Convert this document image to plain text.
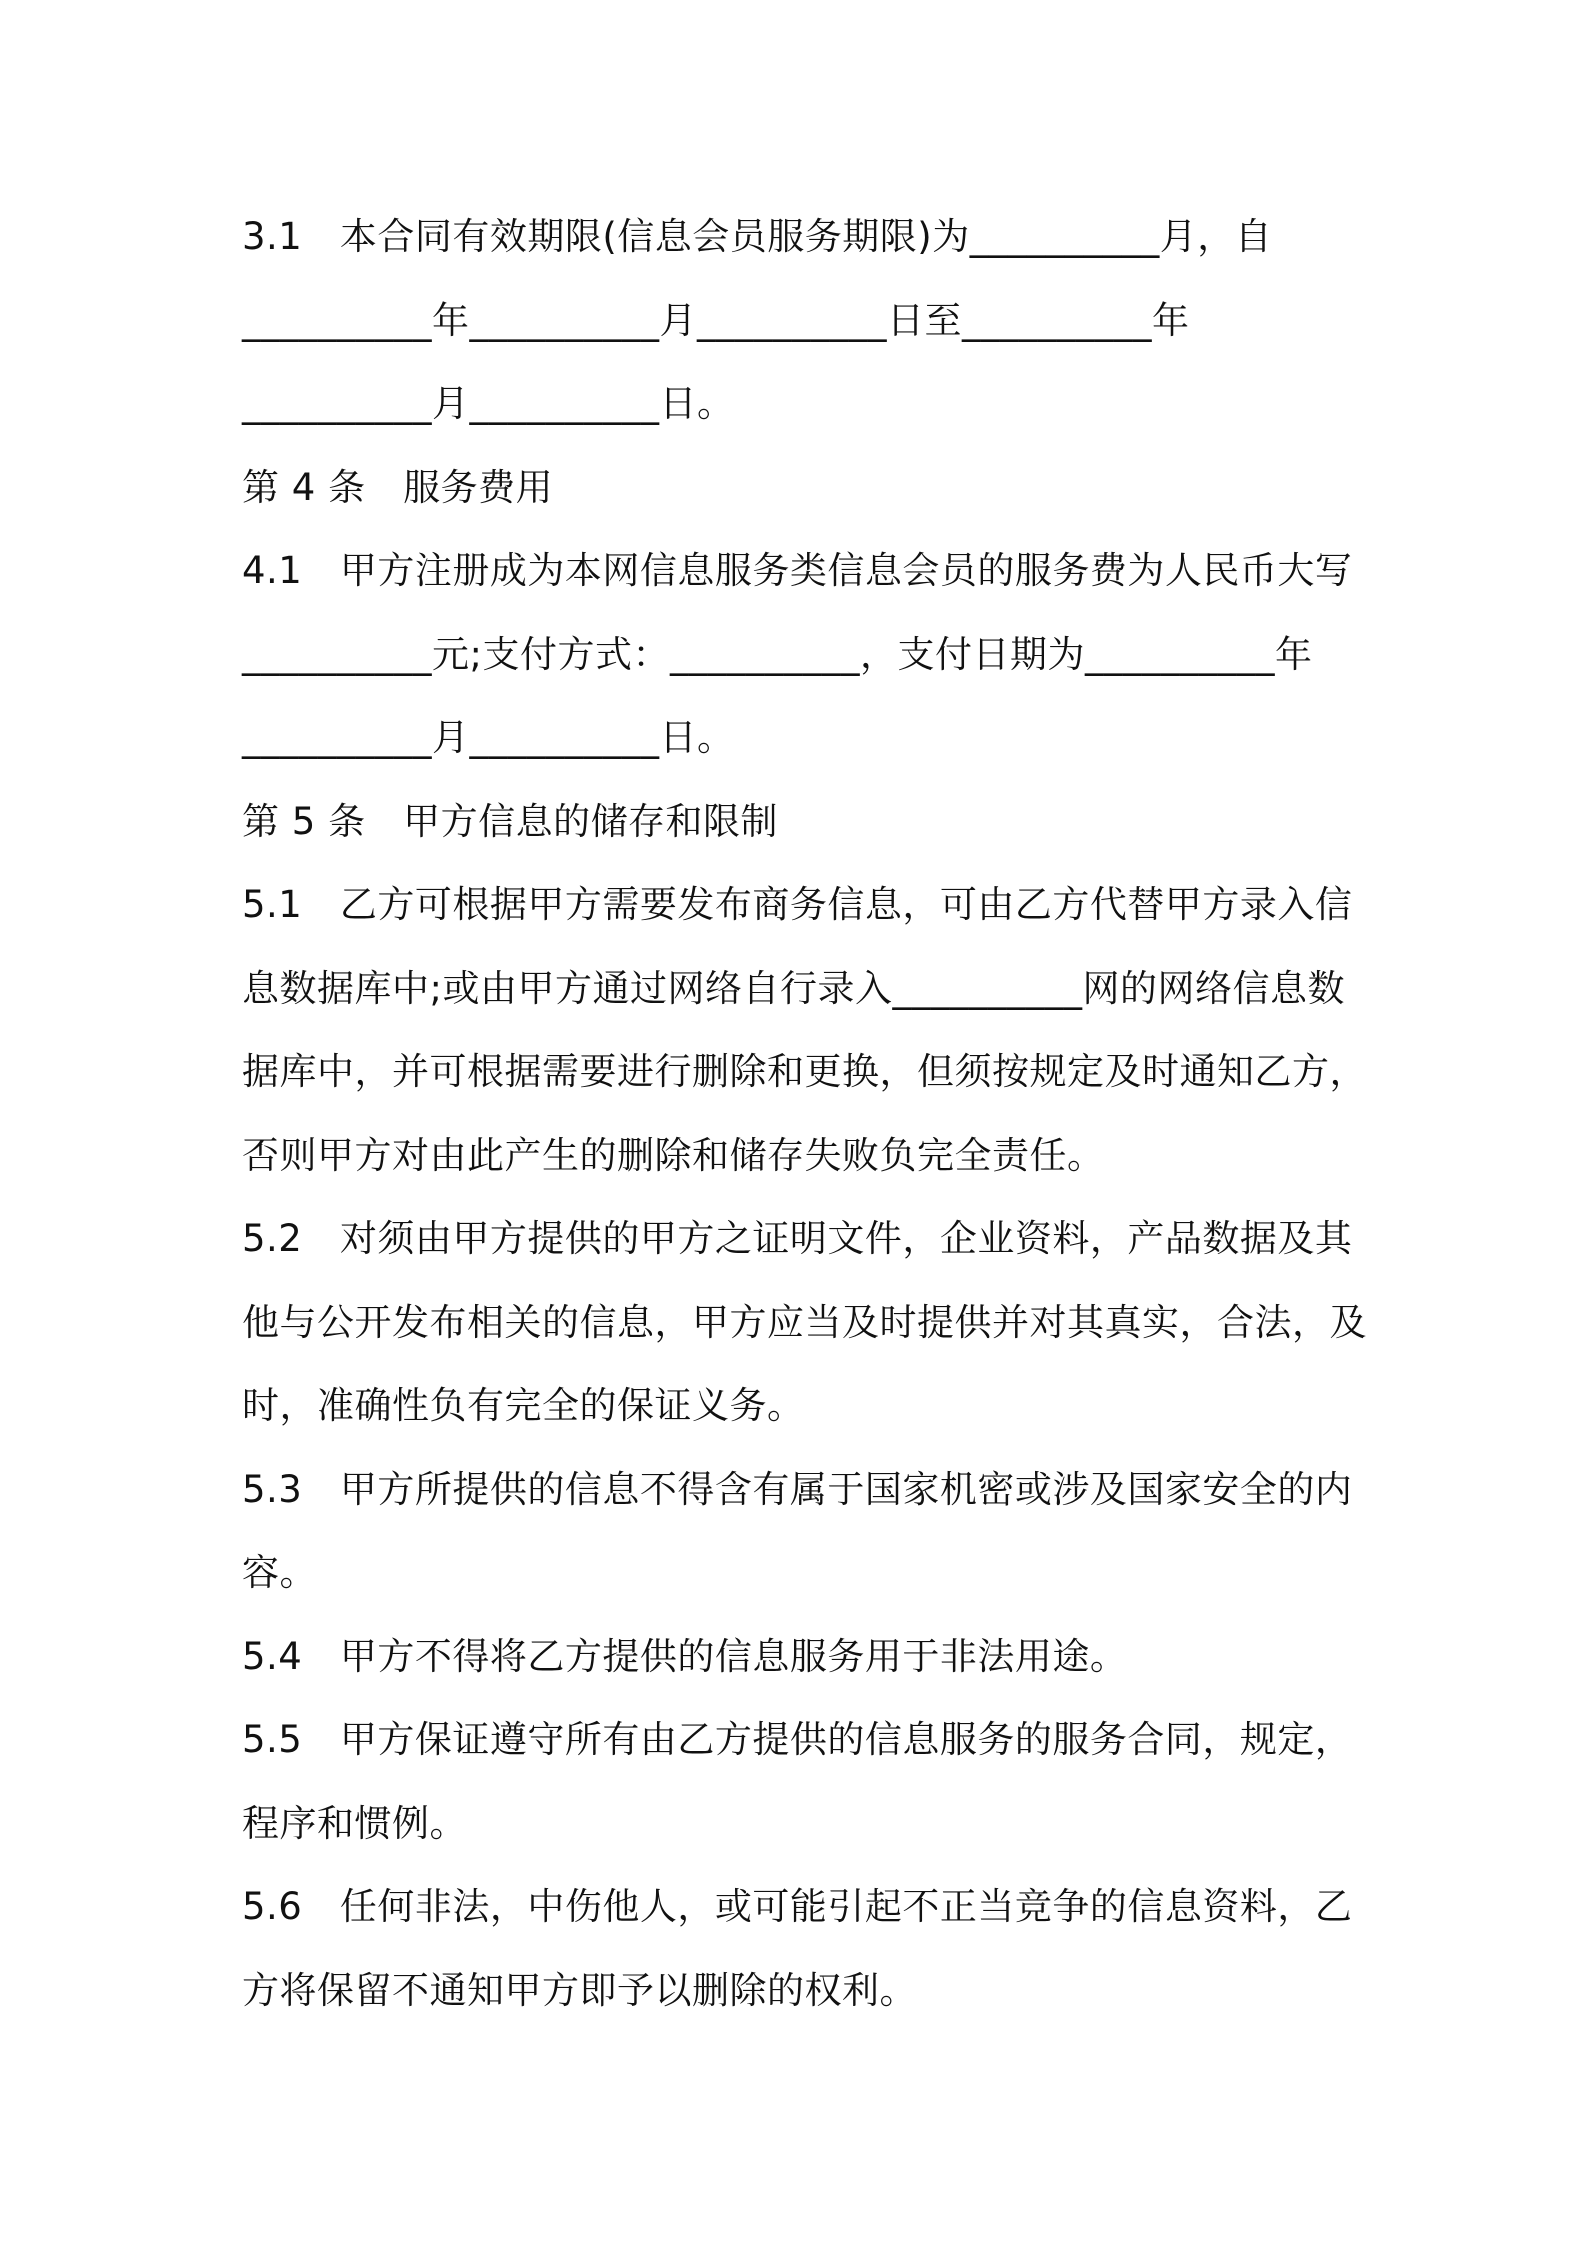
3.1　本合同有效期限(信息会员服务期限)为__________月，自
__________年__________月__________日至__________年
__________月__________日。
第 4 条　服务费用
4.1　甲方注册成为本网信息服务类信息会员的服务费为人民币大写
__________元;支付方式：__________，支付日期为__________年
__________月__________日。
第 5 条　甲方信息的储存和限制
5.1　乙方可根据甲方需要发布商务信息，可由乙方代替甲方录入信
息数据库中;或由甲方通过网络自行录入__________网的网络信息数
据库中，并可根据需要进行删除和更换，但须按规定及时通知乙方，
否则甲方对由此产生的删除和储存失败负完全责任。
5.2　对须由甲方提供的甲方之证明文件，企业资料，产品数据及其
他与公开发布相关的信息，甲方应当及时提供并对其真实，合法，及
时，准确性负有完全的保证义务。
5.3　甲方所提供的信息不得含有属于国家机密或涉及国家安全的内
容。
5.4　甲方不得将乙方提供的信息服务用于非法用途。
5.5　甲方保证遵守所有由乙方提供的信息服务的服务合同，规定，
程序和惯例。
5.6　任何非法，中伤他人，或可能引起不正当竞争的信息资料，乙
方将保留不通知甲方即予以删除的权利。
